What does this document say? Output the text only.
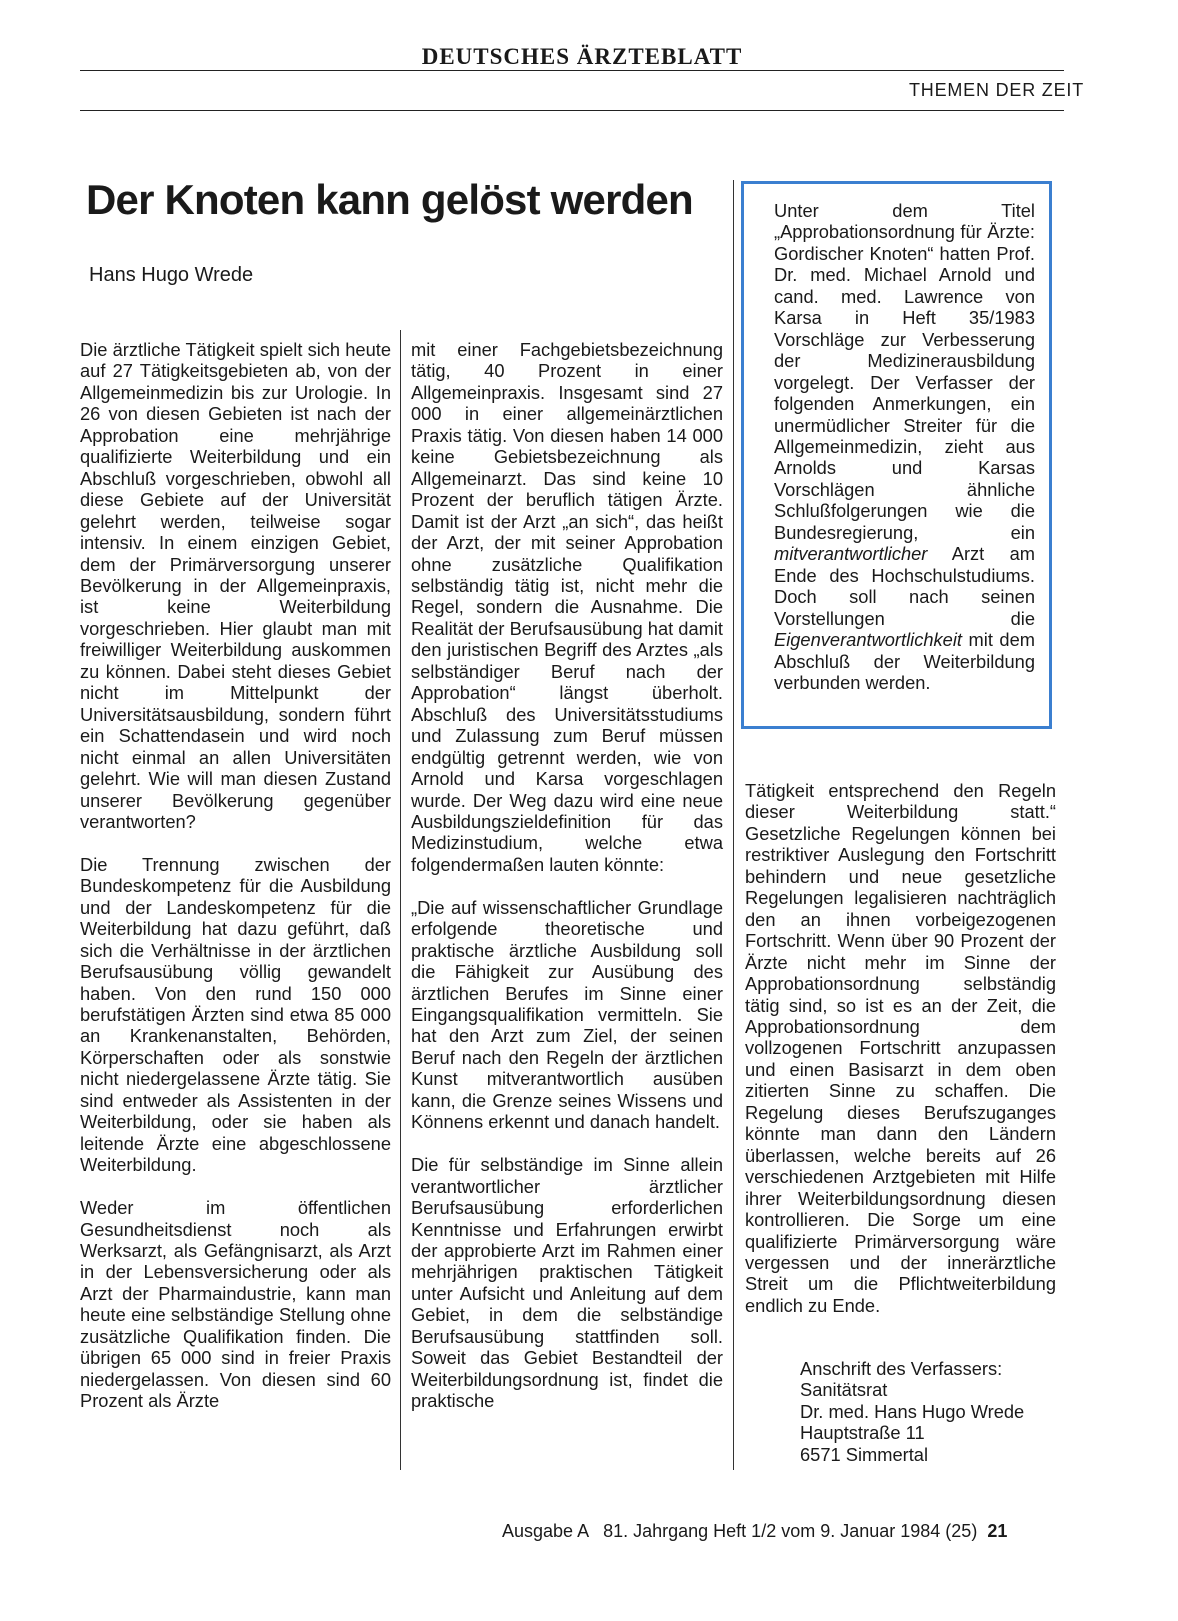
DEUTSCHES ÄRZTEBLATT
THEMEN DER ZEIT
Der Knoten kann gelöst werden
Hans Hugo Wrede

Die ärztliche Tätigkeit spielt sich heute auf 27 Tätigkeitsgebieten ab, von der Allgemeinmedizin bis zur Urologie. In 26 von diesen Gebieten ist nach der Approbation eine mehrjährige qualifizierte Weiterbildung und ein Abschluß vorgeschrieben, obwohl all diese Gebiete auf der Universität gelehrt werden, teilweise sogar intensiv. In einem einzigen Gebiet, dem der Primärversorgung unserer Bevölkerung in der Allgemeinpraxis, ist keine Weiterbildung vorgeschrieben. Hier glaubt man mit freiwilliger Weiterbildung auskommen zu können. Dabei steht dieses Gebiet nicht im Mittelpunkt der Universitätsausbildung, sondern führt ein Schattendasein und wird noch nicht einmal an allen Universitäten gelehrt. Wie will man diesen Zustand unserer Bevölkerung gegenüber verantworten?

Die Trennung zwischen der Bundeskompetenz für die Ausbildung und der Landeskompetenz für die Weiterbildung hat dazu geführt, daß sich die Verhältnisse in der ärztlichen Berufsausübung völlig gewandelt haben. Von den rund 150 000 berufstätigen Ärzten sind etwa 85 000 an Krankenanstalten, Behörden, Körperschaften oder als sonstwie nicht niedergelassene Ärzte tätig. Sie sind entweder als Assistenten in der Weiterbildung, oder sie haben als leitende Ärzte eine abgeschlossene Weiterbildung.

Weder im öffentlichen Gesundheitsdienst noch als Werksarzt, als Gefängnisarzt, als Arzt in der Lebensversicherung oder als Arzt der Pharmaindustrie, kann man heute eine selbständige Stellung ohne zusätzliche Qualifikation finden. Die übrigen 65 000 sind in freier Praxis niedergelassen. Von diesen sind 60 Prozent als Ärzte

mit einer Fachgebietsbezeichnung tätig, 40 Prozent in einer Allgemeinpraxis. Insgesamt sind 27 000 in einer allgemeinärztlichen Praxis tätig. Von diesen haben 14 000 keine Gebietsbezeichnung als Allgemeinarzt. Das sind keine 10 Prozent der beruflich tätigen Ärzte. Damit ist der Arzt „an sich“, das heißt der Arzt, der mit seiner Approbation ohne zusätzliche Qualifikation selbständig tätig ist, nicht mehr die Regel, sondern die Ausnahme. Die Realität der Berufsausübung hat damit den juristischen Begriff des Arztes „als selbständiger Beruf nach der Approbation“ längst überholt. Abschluß des Universitätsstudiums und Zulassung zum Beruf müssen endgültig getrennt werden, wie von Arnold und Karsa vorgeschlagen wurde. Der Weg dazu wird eine neue Ausbildungszieldefinition für das Medizinstudium, welche etwa folgendermaßen lauten könnte:

„Die auf wissenschaftlicher Grundlage erfolgende theoretische und praktische ärztliche Ausbildung soll die Fähigkeit zur Ausübung des ärztlichen Berufes im Sinne einer Eingangsqualifikation vermitteln. Sie hat den Arzt zum Ziel, der seinen Beruf nach den Regeln der ärztlichen Kunst mitverantwortlich ausüben kann, die Grenze seines Wissens und Könnens erkennt und danach handelt.

Die für selbständige im Sinne allein verantwortlicher ärztlicher Berufsausübung erforderlichen Kenntnisse und Erfahrungen erwirbt der approbierte Arzt im Rahmen einer mehrjährigen praktischen Tätigkeit unter Aufsicht und Anleitung auf dem Gebiet, in dem die selbständige Berufsausübung stattfinden soll. Soweit das Gebiet Bestandteil der Weiterbildungsordnung ist, findet die praktische

Unter dem Titel „Approbationsordnung für Ärzte: Gordischer Knoten“ hatten Prof. Dr. med. Michael Arnold und cand. med. Lawrence von Karsa in Heft 35/1983 Vorschläge zur Verbesserung der Medizinerausbildung vorgelegt. Der Verfasser der folgenden Anmerkungen, ein unermüdlicher Streiter für die Allgemeinmedizin, zieht aus Arnolds und Karsas Vorschlägen ähnliche Schlußfolgerungen wie die Bundesregierung, ein mitverantwortlicher Arzt am Ende des Hochschulstudiums. Doch soll nach seinen Vorstellungen die Eigenverantwortlichkeit mit dem Abschluß der Weiterbildung verbunden werden.

Tätigkeit entsprechend den Regeln dieser Weiterbildung statt.“ Gesetzliche Regelungen können bei restriktiver Auslegung den Fortschritt behindern und neue gesetzliche Regelungen legalisieren nachträglich den an ihnen vorbeigezogenen Fortschritt. Wenn über 90 Prozent der Ärzte nicht mehr im Sinne der Approbationsordnung selbständig tätig sind, so ist es an der Zeit, die Approbationsordnung dem vollzogenen Fortschritt anzupassen und einen Basisarzt in dem oben zitierten Sinne zu schaffen. Die Regelung dieses Berufszuganges könnte man dann den Ländern überlassen, welche bereits auf 26 verschiedenen Arztgebieten mit Hilfe ihrer Weiterbildungsordnung diesen kontrollieren. Die Sorge um eine qualifizierte Primärversorgung wäre vergessen und der innerärztliche Streit um die Pflichtweiterbildung endlich zu Ende.

Anschrift des Verfassers:
Sanitätsrat
Dr. med. Hans Hugo Wrede
Hauptstraße 11
6571 Simmertal
Ausgabe A   81. Jahrgang Heft 1/2 vom 9. Januar 1984 (25) 21
